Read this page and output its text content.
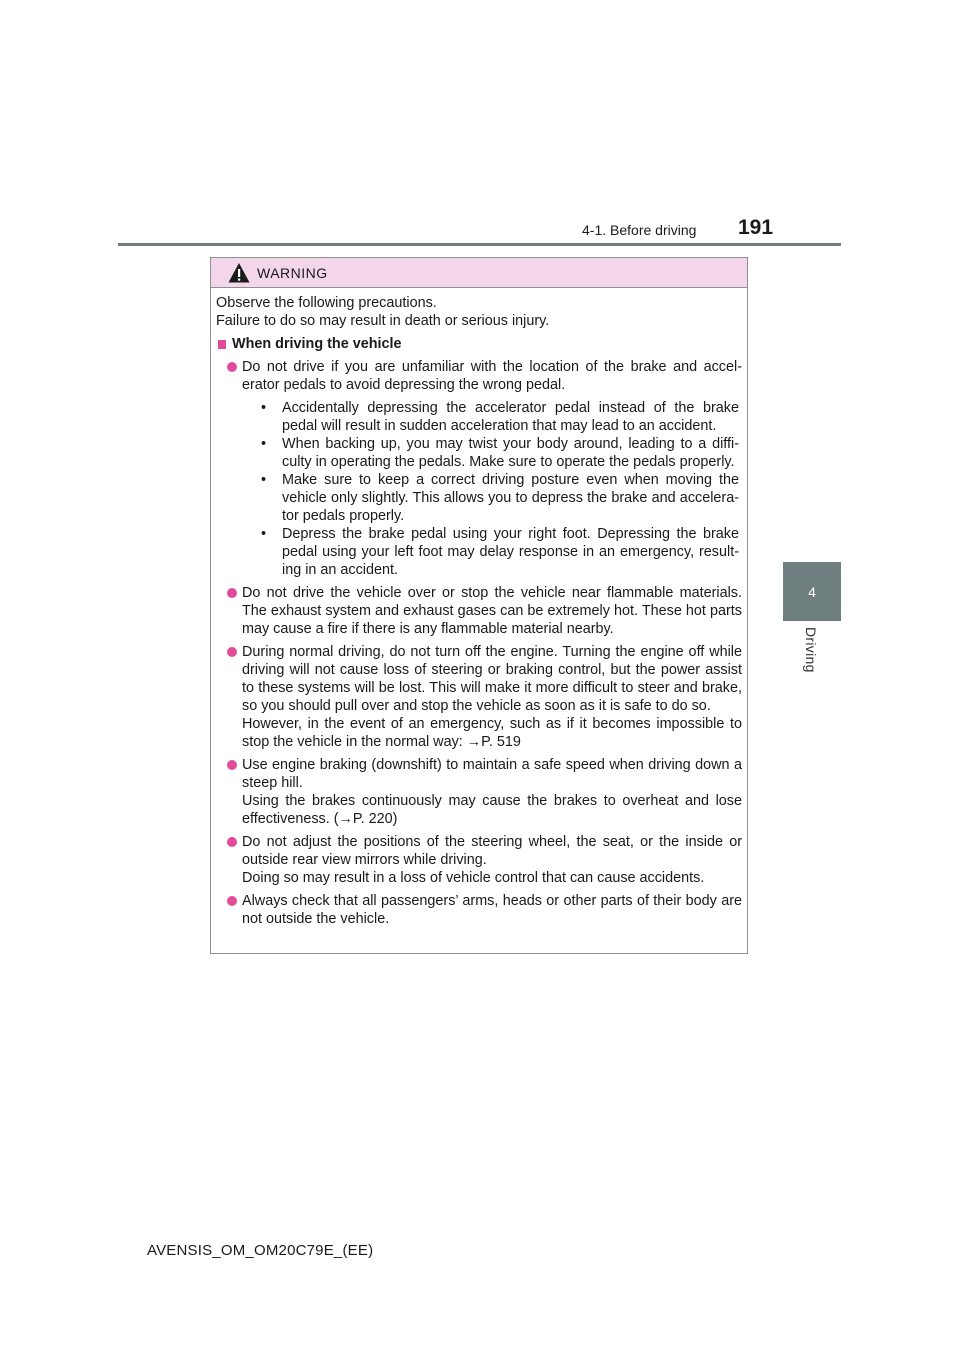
4-1. Before driving 191
4
Driving
WARNING

Observe the following precautions.

Failure to do so may result in death or serious injury.

When driving the vehicle

Do not drive if you are unfamiliar with the location of the brake and accel-erator pedals to avoid depressing the wrong pedal.

• Accidentally depressing the accelerator pedal instead of the brake pedal will result in sudden acceleration that may lead to an accident.
• When backing up, you may twist your body around, leading to a diffi-culty in operating the pedals. Make sure to operate the pedals properly.
• Make sure to keep a correct driving posture even when moving the vehicle only slightly. This allows you to depress the brake and accelera-tor pedals properly.
• Depress the brake pedal using your right foot. Depressing the brake pedal using your left foot may delay response in an emergency, result-ing in an accident.

Do not drive the vehicle over or stop the vehicle near flammable materials. The exhaust system and exhaust gases can be extremely hot. These hot parts may cause a fire if there is any flammable material nearby.

During normal driving, do not turn off the engine. Turning the engine off while driving will not cause loss of steering or braking control, but the power assist to these systems will be lost. This will make it more difficult to steer and brake, so you should pull over and stop the vehicle as soon as it is safe to do so.

However, in the event of an emergency, such as if it becomes impossible to stop the vehicle in the normal way: →P. 519

Use engine braking (downshift) to maintain a safe speed when driving down a steep hill.

Using the brakes continuously may cause the brakes to overheat and lose effectiveness. (→P. 220)

Do not adjust the positions of the steering wheel, the seat, or the inside or outside rear view mirrors while driving.

Doing so may result in a loss of vehicle control that can cause accidents.

Always check that all passengers’ arms, heads or other parts of their body are not outside the vehicle.

AVENSIS_OM_OM20C79E_(EE)
